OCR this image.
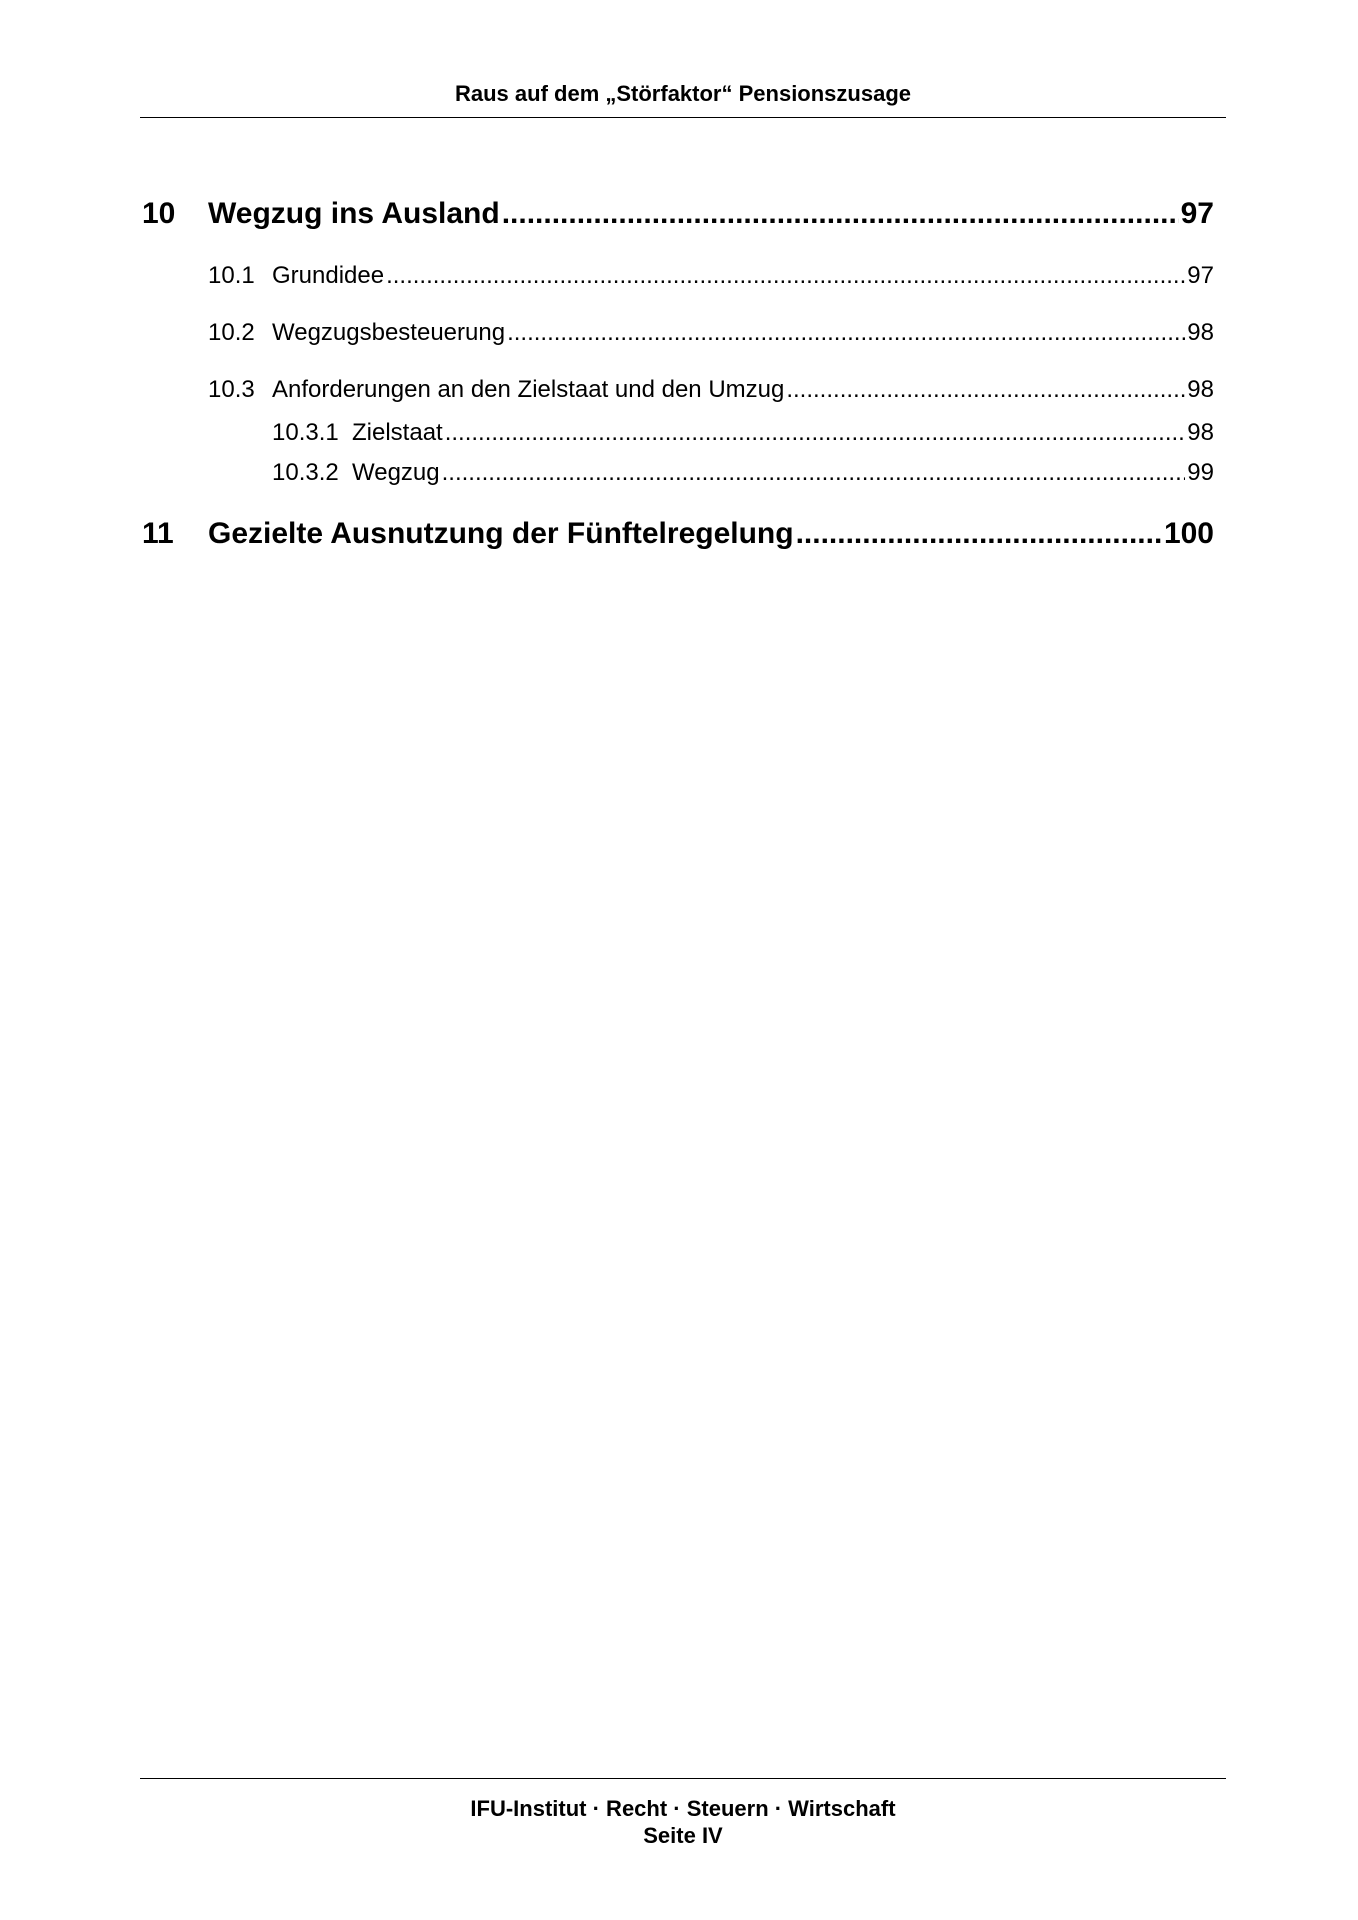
Raus auf dem „Störfaktor“ Pensionszusage
10	Wegzug ins Ausland .....	97
10.1 Grundidee .....	97
10.2 Wegzugsbesteuerung .....	98
10.3 Anforderungen an den Zielstaat und den Umzug .....	98
10.3.1 Zielstaat .....	98
10.3.2 Wegzug .....	99
11	Gezielte Ausnutzung der Fünftelregelung .....	100
IFU-Institut · Recht · Steuern · Wirtschaft
Seite IV
